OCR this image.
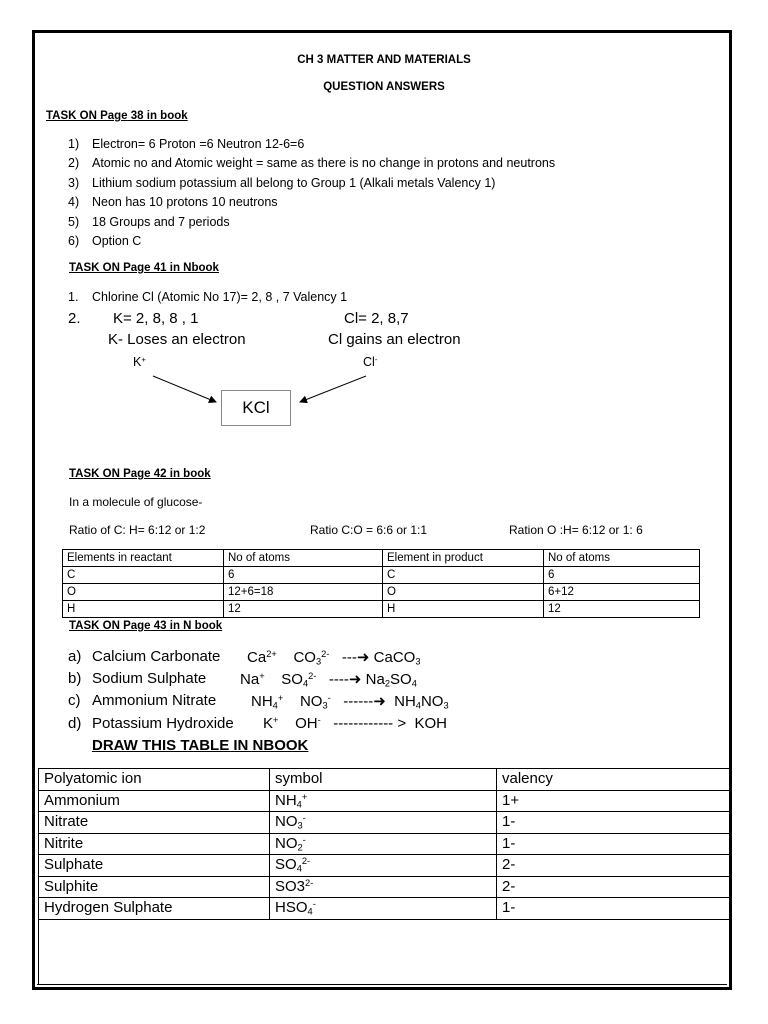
CH 3 MATTER AND MATERIALS
QUESTION ANSWERS
TASK ON Page 38 in book
1) Electron= 6 Proton =6 Neutron 12-6=6
2) Atomic no and Atomic weight = same as there is no change in protons and neutrons
3) Lithium sodium potassium all belong to Group 1 (Alkali metals Valency 1)
4) Neon has 10 protons 10 neutrons
5) 18 Groups and 7 periods
6) Option C
TASK ON Page 41 in Nbook
1. Chlorine Cl (Atomic No 17)= 2, 8 , 7 Valency 1
2. K= 2, 8, 8 , 1	Cl= 2, 8,7
K- Loses an electron	Cl gains an electron
K+	Cl-
KCl
TASK ON Page 42 in book
In a molecule of glucose-
Ratio of C: H= 6:12 or 1:2	Ratio C:O = 6:6 or 1:1	Ration O :H= 6:12 or 1: 6
Elements in reactant	No of atoms	Element in product	No of atoms
C	6	C	6
O	12+6=18	O	6+12
H	12	H	12
TASK ON Page 43 in N book
a) Calcium Carbonate $Ca^{2+}$    $CO_3^{2-}$   ---➜ CaCO$_3$
b) Sodium Sulphate Na+    $SO_4^{2-}$   ----➜ $Na_2SO_4$
c) Ammonium Nitrate $NH_4^+$    $NO_3^-$   ------➜  $NH_4NO_3$
d) Potassium Hydroxide K+    OH-   ------------ >  KOH
DRAW THIS TABLE IN NBOOK
Polyatomic ion	symbol	valency
Ammonium	$NH_4^+$	1+
Nitrate	$NO_3^-$	1-
Nitrite	$NO_2^-$	1-
Sulphate	$SO_4^{2-}$	2-
Sulphite	$SO3^{2-}$	2-
Hydrogen Sulphate	$HSO_4^-$	1-
